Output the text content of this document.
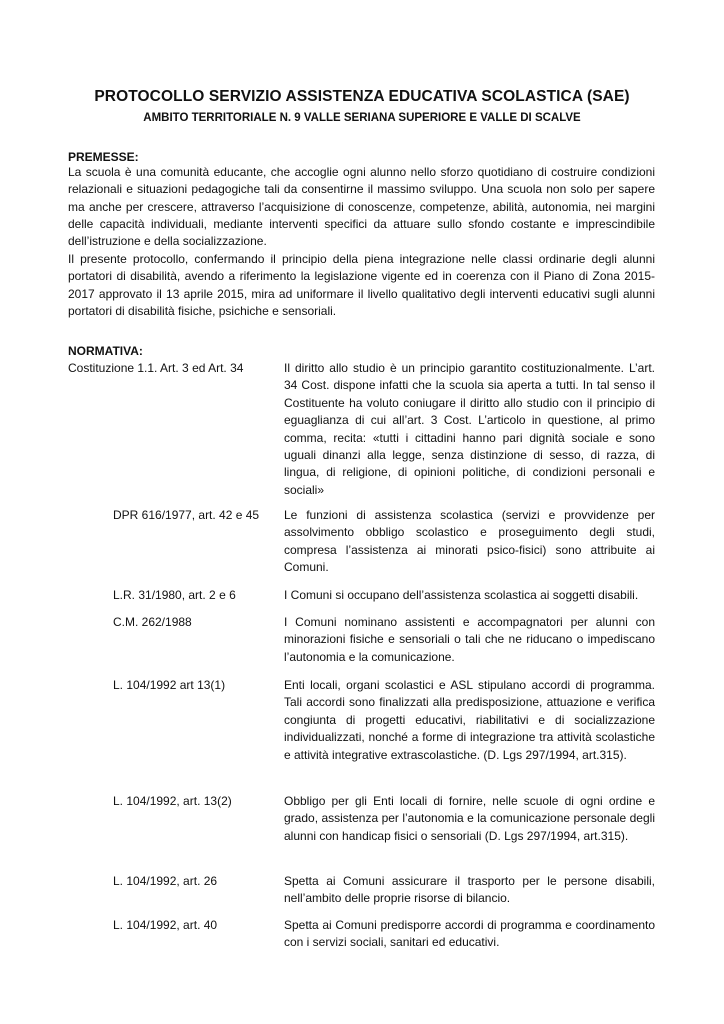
PROTOCOLLO SERVIZIO ASSISTENZA EDUCATIVA SCOLASTICA (SAE)
AMBITO TERRITORIALE N. 9 VALLE SERIANA SUPERIORE E VALLE DI SCALVE
PREMESSE:
La scuola è una comunità educante, che accoglie ogni alunno nello sforzo quotidiano di costruire condizioni relazionali e situazioni pedagogiche tali da consentirne il massimo sviluppo. Una scuola non solo per sapere ma anche per crescere, attraverso l’acquisizione di conoscenze, competenze, abilità, autonomia, nei margini delle capacità individuali, mediante interventi specifici da attuare sullo sfondo costante e imprescindibile dell’istruzione e della socializzazione.
Il presente protocollo, confermando il principio della piena integrazione nelle classi ordinarie degli alunni portatori di disabilità, avendo a riferimento la legislazione vigente ed in coerenza con il Piano di Zona 2015-2017 approvato il 13 aprile 2015, mira ad uniformare il livello qualitativo degli interventi educativi sugli alunni portatori di disabilità fisiche, psichiche e sensoriali.
NORMATIVA:
Costituzione 1.1. Art. 3 ed Art. 34	Il diritto allo studio è un principio garantito costituzionalmente. L’art. 34 Cost. dispone infatti che la scuola sia aperta a tutti. In tal senso il Costituente ha voluto coniugare il diritto allo studio con il principio di eguaglianza di cui all’art. 3 Cost. L’articolo in questione, al primo comma, recita: «tutti i cittadini hanno pari dignità sociale e sono uguali dinanzi alla legge, senza distinzione di sesso, di razza, di lingua, di religione, di opinioni politiche, di condizioni personali e sociali»
DPR 616/1977, art. 42 e 45 Le funzioni di assistenza scolastica (servizi e provvidenze per assolvimento obbligo scolastico e proseguimento degli studi, compresa l’assistenza ai minorati psico-fisici) sono attribuite ai Comuni.
L.R. 31/1980, art. 2 e 6	I Comuni si occupano dell’assistenza scolastica ai soggetti disabili.
C.M. 262/1988	I Comuni nominano assistenti e accompagnatori per alunni con minorazioni fisiche e sensoriali o tali che ne riducano o impediscano l’autonomia e la comunicazione.
L. 104/1992 art 13(1)	Enti locali, organi scolastici e ASL stipulano accordi di programma. Tali accordi sono finalizzati alla predisposizione, attuazione e verifica congiunta di progetti educativi, riabilitativi e di socializzazione individualizzati, nonché a forme di integrazione tra attività scolastiche e attività integrative extrascolastiche. (D. Lgs 297/1994, art.315).
L. 104/1992, art. 13(2)	Obbligo per gli Enti locali di fornire, nelle scuole di ogni ordine e grado, assistenza per l’autonomia e la comunicazione personale degli alunni con handicap fisici o sensoriali (D. Lgs 297/1994, art.315).
L. 104/1992, art. 26	Spetta ai Comuni assicurare il trasporto per le persone disabili, nell’ambito delle proprie risorse di bilancio.
L. 104/1992, art. 40	Spetta ai Comuni predisporre accordi di programma e coordinamento con i servizi sociali, sanitari ed educativi.
